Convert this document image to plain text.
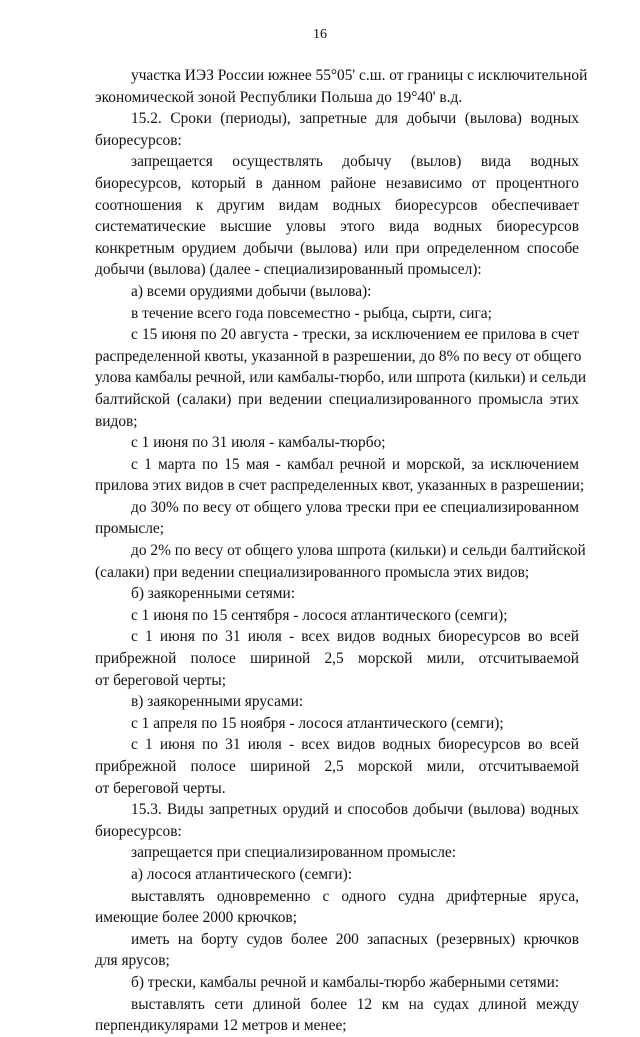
16
участка ИЭЗ России южнее 55°05' с.ш. от границы с исключительной
экономической зоной Республики Польша до 19°40' в.д.
15.2. Сроки (периоды), запретные для добычи (вылова) водных
биоресурсов:
запрещается осуществлять добычу (вылов) вида водных
биоресурсов, который в данном районе независимо от процентного
соотношения к другим видам водных биоресурсов обеспечивает
систематические высшие уловы этого вида водных биоресурсов
конкретным орудием добычи (вылова) или при определенном способе
добычи (вылова) (далее - специализированный промысел):
а) всеми орудиями добычи (вылова):
в течение всего года повсеместно - рыбца, сырти, сига;
с 15 июня по 20 августа - трески, за исключением ее прилова в счет
распределенной квоты, указанной в разрешении, до 8% по весу от общего
улова камбалы речной, или камбалы-тюрбо, или шпрота (кильки) и сельди
балтийской (салаки) при ведении специализированного промысла этих
видов;
с 1 июня по 31 июля - камбалы-тюрбо;
с 1 марта по 15 мая - камбал речной и морской, за исключением
прилова этих видов в счет распределенных квот, указанных в разрешении;
до 30% по весу от общего улова трески при ее специализированном
промысле;
до 2% по весу от общего улова шпрота (кильки) и сельди балтийской
(салаки) при ведении специализированного промысла этих видов;
б) заякоренными сетями:
с 1 июня по 15 сентября - лосося атлантического (семги);
с 1 июня по 31 июля - всех видов водных биоресурсов во всей
прибрежной полосе шириной 2,5 морской мили, отсчитываемой
от береговой черты;
в) заякоренными ярусами:
с 1 апреля по 15 ноября - лосося атлантического (семги);
с 1 июня по 31 июля - всех видов водных биоресурсов во всей
прибрежной полосе шириной 2,5 морской мили, отсчитываемой
от береговой черты.
15.3. Виды запретных орудий и способов добычи (вылова) водных
биоресурсов:
запрещается при специализированном промысле:
а) лосося атлантического (семги):
выставлять одновременно с одного судна дрифтерные яруса,
имеющие более 2000 крючков;
иметь на борту судов более 200 запасных (резервных) крючков
для ярусов;
б) трески, камбалы речной и камбалы-тюрбо жаберными сетями:
выставлять сети длиной более 12 км на судах длиной между
перпендикулярами 12 метров и менее;
